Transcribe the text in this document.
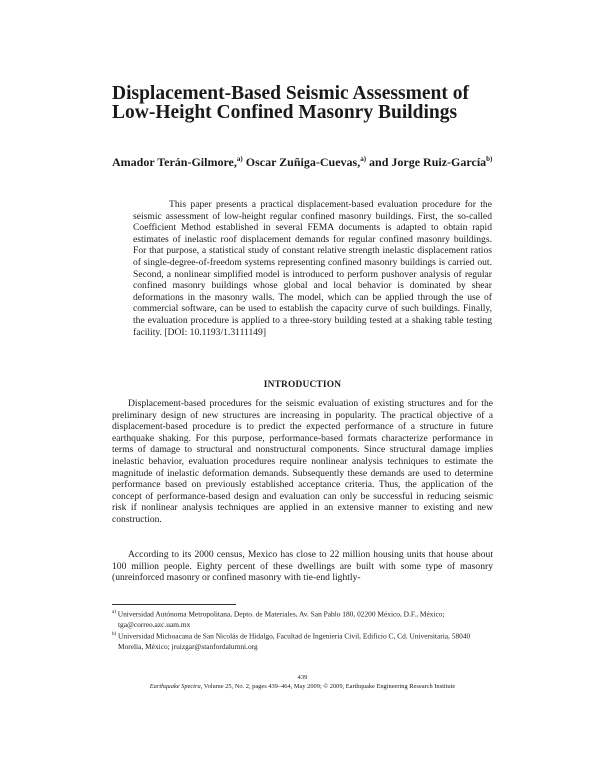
Displacement-Based Seismic Assessment of Low-Height Confined Masonry Buildings
Amador Terán-Gilmore,$^{a)}$ Oscar Zuñiga-Cuevas,$^{a)}$ and Jorge Ruiz-García$^{b)}$

This paper presents a practical displacement-based evaluation procedure for the seismic assessment of low-height regular confined masonry buildings. First, the so-called Coefficient Method established in several FEMA documents is adapted to obtain rapid estimates of inelastic roof displacement demands for regular confined masonry buildings. For that purpose, a statistical study of constant relative strength inelastic displacement ratios of single-degree-of-freedom systems representing confined masonry buildings is carried out. Second, a nonlinear simplified model is introduced to perform pushover analysis of regular confined masonry buildings whose global and local behavior is dominated by shear deformations in the masonry walls. The model, which can be applied through the use of commercial software, can be used to establish the capacity curve of such buildings. Finally, the evaluation procedure is applied to a three-story building tested at a shaking table testing facility. [DOI: 10.1193/1.3111149]

INTRODUCTION

Displacement-based procedures for the seismic evaluation of existing structures and for the preliminary design of new structures are increasing in popularity. The practical objective of a displacement-based procedure is to predict the expected performance of a structure in future earthquake shaking. For this purpose, performance-based formats characterize performance in terms of damage to structural and nonstructural components. Since structural damage implies inelastic behavior, evaluation procedures require nonlinear analysis techniques to estimate the magnitude of inelastic deformation demands. Subsequently these demands are used to determine performance based on previously established acceptance criteria. Thus, the application of the concept of performance-based design and evaluation can only be successful in reducing seismic risk if nonlinear analysis techniques are applied in an extensive manner to existing and new construction.

According to its 2000 census, Mexico has close to 22 million housing units that house about 100 million people. Eighty percent of these dwellings are built with some type of masonry (unreinforced masonry or confined masonry with tie-end lightly-

$^{a)}$ Universidad Autónoma Metropolitana, Depto. de Materiales, Av. San Pablo 180, 02200 México, D.F., México; tga@correo.azc.uam.mx

$^{b)}$ Universidad Michoacana de San Nicolás de Hidalgo, Facultad de Ingeniería Civil, Edificio C, Cd. Universitaria, 58040 Morelia, México; jruizgar@stanfordalumni.org

439

Earthquake Spectra, Volume 25, No. 2, pages 439–464, May 2009; © 2009, Earthquake Engineering Research Institute
